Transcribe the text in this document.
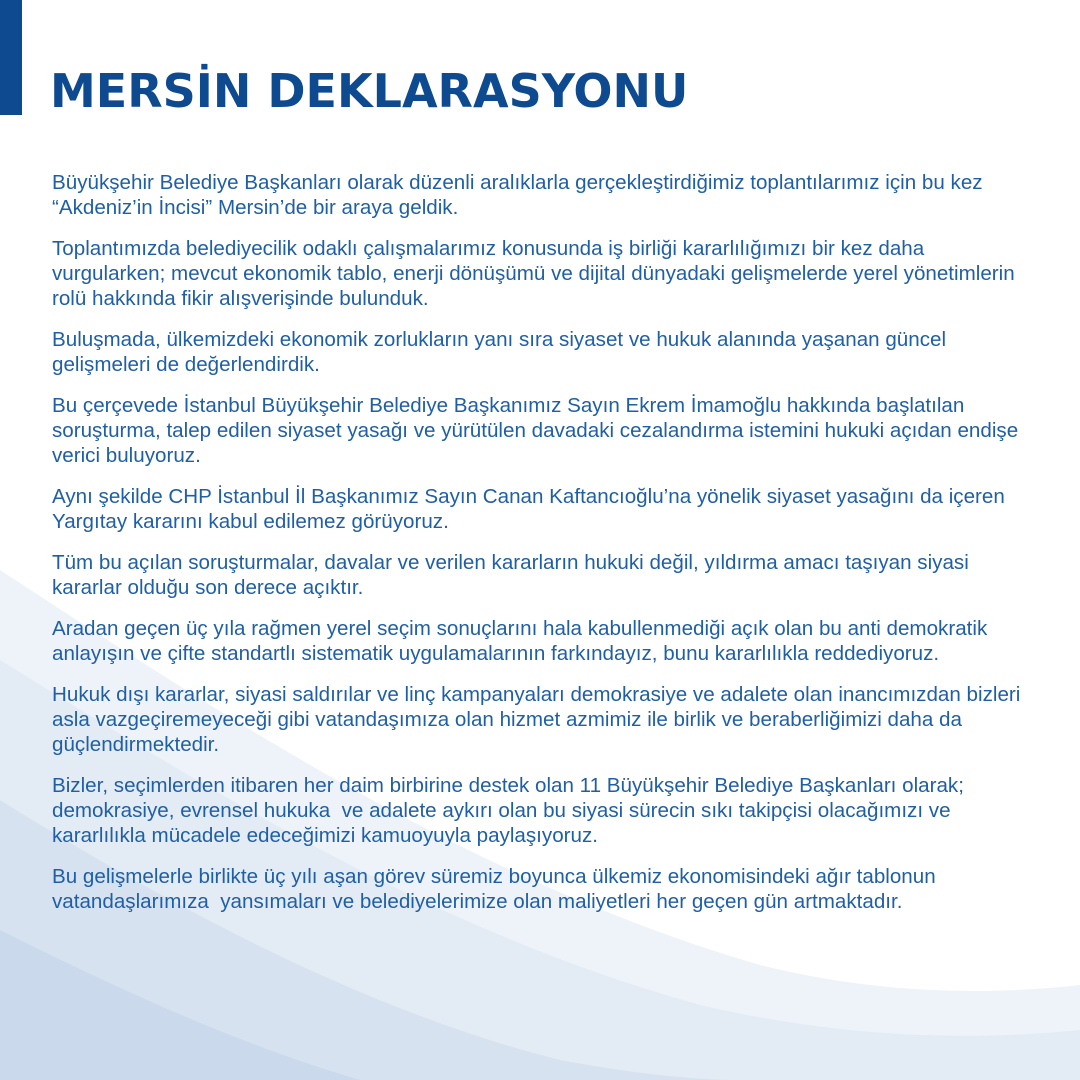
MERSİN DEKLARASYONU

Büyükşehir Belediye Başkanları olarak düzenli aralıklarla gerçekleştirdiğimiz toplantılarımız için bu kez “Akdeniz’in İncisi” Mersin’de bir araya geldik.

Toplantımızda belediyecilik odaklı çalışmalarımız konusunda iş birliği kararlılığımızı bir kez daha vurgularken; mevcut ekonomik tablo, enerji dönüşümü ve dijital dünyadaki gelişmelerde yerel yönetimlerin rolü hakkında fikir alışverişinde bulunduk.

Buluşmada, ülkemizdeki ekonomik zorlukların yanı sıra siyaset ve hukuk alanında yaşanan güncel gelişmeleri de değerlendirdik.

Bu çerçevede İstanbul Büyükşehir Belediye Başkanımız Sayın Ekrem İmamoğlu hakkında başlatılan soruşturma, talep edilen siyaset yasağı ve yürütülen davadaki cezalandırma istemini hukuki açıdan endişe verici buluyoruz.

Aynı şekilde CHP İstanbul İl Başkanımız Sayın Canan Kaftancıoğlu’na yönelik siyaset yasağını da içeren Yargıtay kararını kabul edilemez görüyoruz.

Tüm bu açılan soruşturmalar, davalar ve verilen kararların hukuki değil, yıldırma amacı taşıyan siyasi kararlar olduğu son derece açıktır.

Aradan geçen üç yıla rağmen yerel seçim sonuçlarını hala kabullenmediği açık olan bu anti demokratik anlayışın ve çifte standartlı sistematik uygulamalarının farkındayız, bunu kararlılıkla reddediyoruz.

Hukuk dışı kararlar, siyasi saldırılar ve linç kampanyaları demokrasiye ve adalete olan inancımızdan bizleri asla vazgeçiremeyeceği gibi vatandaşımıza olan hizmet azmimiz ile birlik ve beraberliğimizi daha da güçlendirmektedir.

Bizler, seçimlerden itibaren her daim birbirine destek olan 11 Büyükşehir Belediye Başkanları olarak; demokrasiye, evrensel hukuka  ve adalete aykırı olan bu siyasi sürecin sıkı takipçisi olacağımızı ve kararlılıkla mücadele edeceğimizi kamuoyuyla paylaşıyoruz.

Bu gelişmelerle birlikte üç yılı aşan görev süremiz boyunca ülkemiz ekonomisindeki ağır tablonun vatandaşlarımıza  yansımaları ve belediyelerimize olan maliyetleri her geçen gün artmaktadır.
